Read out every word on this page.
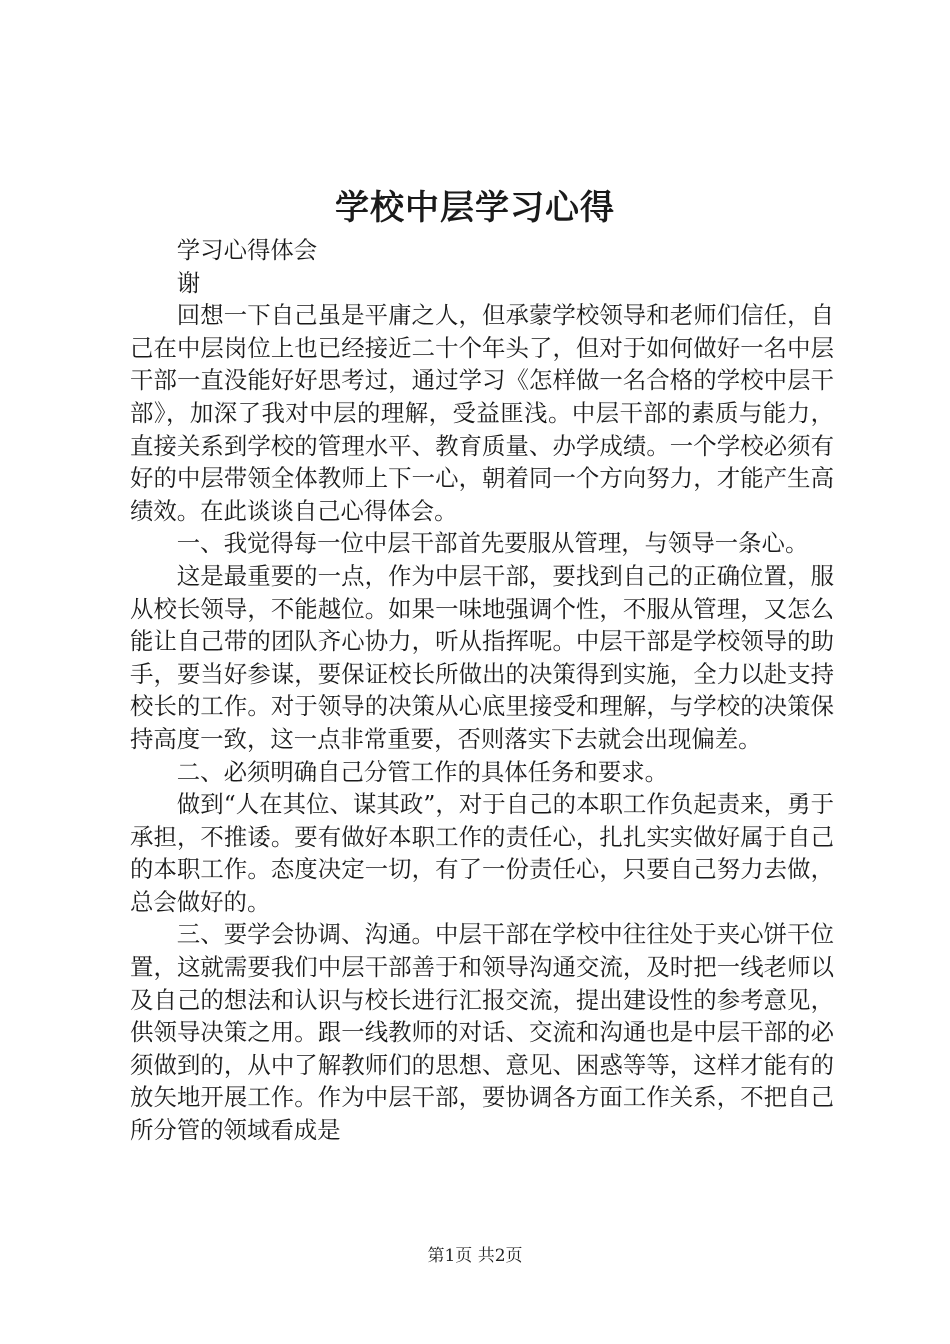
学校中层学习心得

学习心得体会

谢

回想一下自己虽是平庸之人，但承蒙学校领导和老师们信任，自己在中层岗位上也已经接近二十个年头了，但对于如何做好一名中层干部一直没能好好思考过，通过学习《怎样做一名合格的学校中层干部》，加深了我对中层的理解，受益匪浅。中层干部的素质与能力，直接关系到学校的管理水平、教育质量、办学成绩。一个学校必须有好的中层带领全体教师上下一心，朝着同一个方向努力，才能产生高绩效。在此谈谈自己心得体会。

一、我觉得每一位中层干部首先要服从管理，与领导一条心。

这是最重要的一点，作为中层干部，要找到自己的正确位置，服从校长领导，不能越位。如果一味地强调个性，不服从管理，又怎么能让自己带的团队齐心协力，听从指挥呢。中层干部是学校领导的助手，要当好参谋，要保证校长所做出的决策得到实施，全力以赴支持校长的工作。对于领导的决策从心底里接受和理解，与学校的决策保持高度一致，这一点非常重要，否则落实下去就会出现偏差。

二、必须明确自己分管工作的具体任务和要求。

做到“人在其位、谋其政”，对于自己的本职工作负起责来，勇于承担，不推诿。要有做好本职工作的责任心，扎扎实实做好属于自己的本职工作。态度决定一切，有了一份责任心，只要自己努力去做，总会做好的。

三、要学会协调、沟通。中层干部在学校中往往处于夹心饼干位置，这就需要我们中层干部善于和领导沟通交流，及时把一线老师以及自己的想法和认识与校长进行汇报交流，提出建设性的参考意见，供领导决策之用。跟一线教师的对话、交流和沟通也是中层干部的必须做到的，从中了解教师们的思想、意见、困惑等等，这样才能有的放矢地开展工作。作为中层干部，要协调各方面工作关系，不把自己所分管的领域看成是

第1页 共2页
